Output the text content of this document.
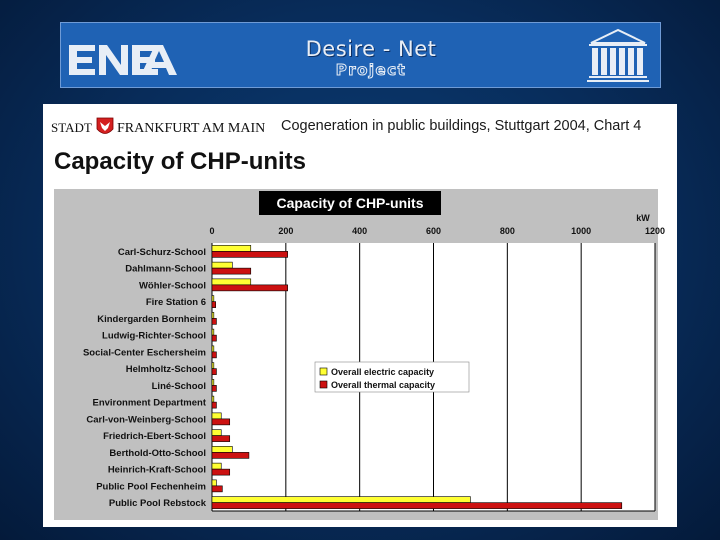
Desire - Net
Project
STADT FRANKFURT AM MAIN Cogeneration in public buildings, Stuttgart 2004, Chart 4
Capacity of CHP-units
Capacity of CHP-units
kW
0	200	400	600	800	1000	1200
Carl-Schurz-School
Dahlmann-School
Wöhler-School
Fire Station 6
Kindergarden Bornheim
Ludwig-Richter-School
Social-Center Eschersheim
Helmholtz-School
Liné-School
Environment Department
Carl-von-Weinberg-School
Friedrich-Ebert-School
Berthold-Otto-School
Heinrich-Kraft-School
Public Pool Fechenheim
Public Pool Rebstock
Overall electric capacity
Overall thermal capacity
